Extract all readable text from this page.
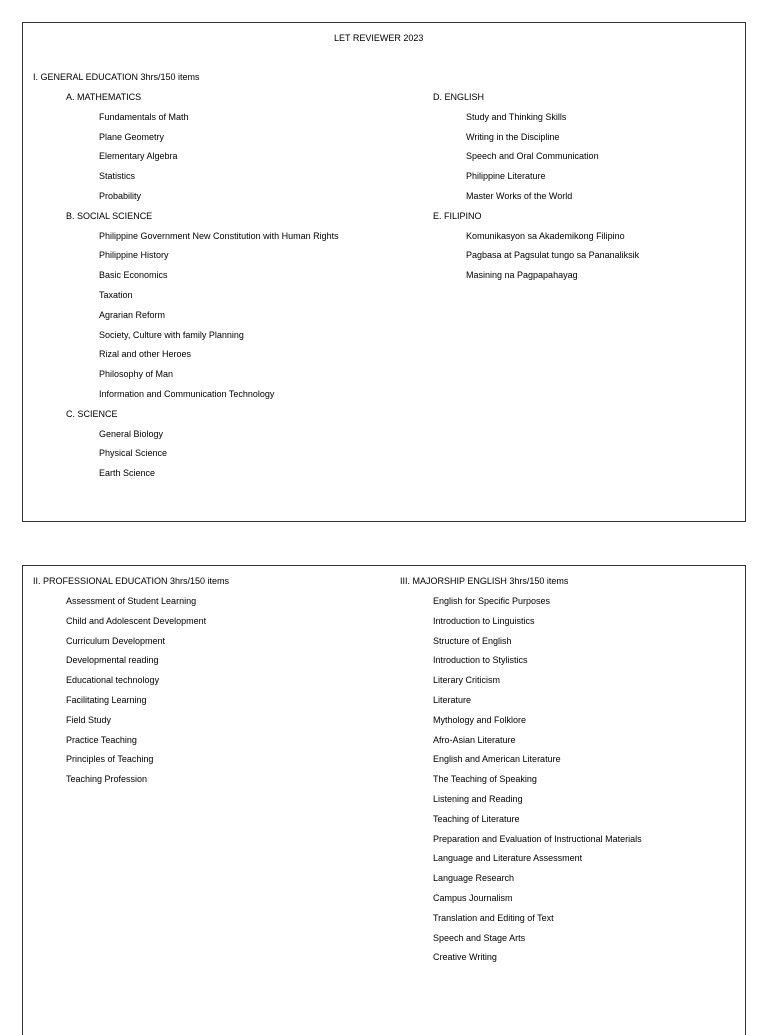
LET REVIEWER 2023
I. GENERAL EDUCATION 3hrs/150 items
A. MATHEMATICS
Fundamentals of Math
Plane Geometry
Elementary Algebra
Statistics
Probability
B. SOCIAL SCIENCE
Philippine Government New Constitution with Human Rights
Philippine History
Basic Economics
Taxation
Agrarian Reform
Society, Culture with family Planning
Rizal and other Heroes
Philosophy of Man
Information and Communication Technology
C. SCIENCE
General Biology
Physical Science
Earth Science
D. ENGLISH
Study and Thinking Skills
Writing in the Discipline
Speech and Oral Communication
Philippine Literature
Master Works of the World
E. FILIPINO
Komunikasyon sa Akademikong Filipino
Pagbasa at Pagsulat tungo sa Pananaliksik
Masining na Pagpapahayag
II. PROFESSIONAL EDUCATION 3hrs/150 items	III. MAJORSHIP ENGLISH 3hrs/150 items
Assessment of Student Learning
Child and Adolescent Development
Curriculum Development
Developmental reading
Educational technology
Facilitating Learning
Field Study
Practice Teaching
Principles of Teaching
Teaching Profession
English for Specific Purposes
Introduction to Linguistics
Structure of English
Introduction to Stylistics
Literary Criticism
Literature
Mythology and Folklore
Afro-Asian Literature
English and American Literature
The Teaching of Speaking
Listening and Reading
Teaching of Literature
Preparation and Evaluation of Instructional Materials
Language and Literature Assessment
Language Research
Campus Journalism
Translation and Editing of Text
Speech and Stage Arts
Creative Writing
